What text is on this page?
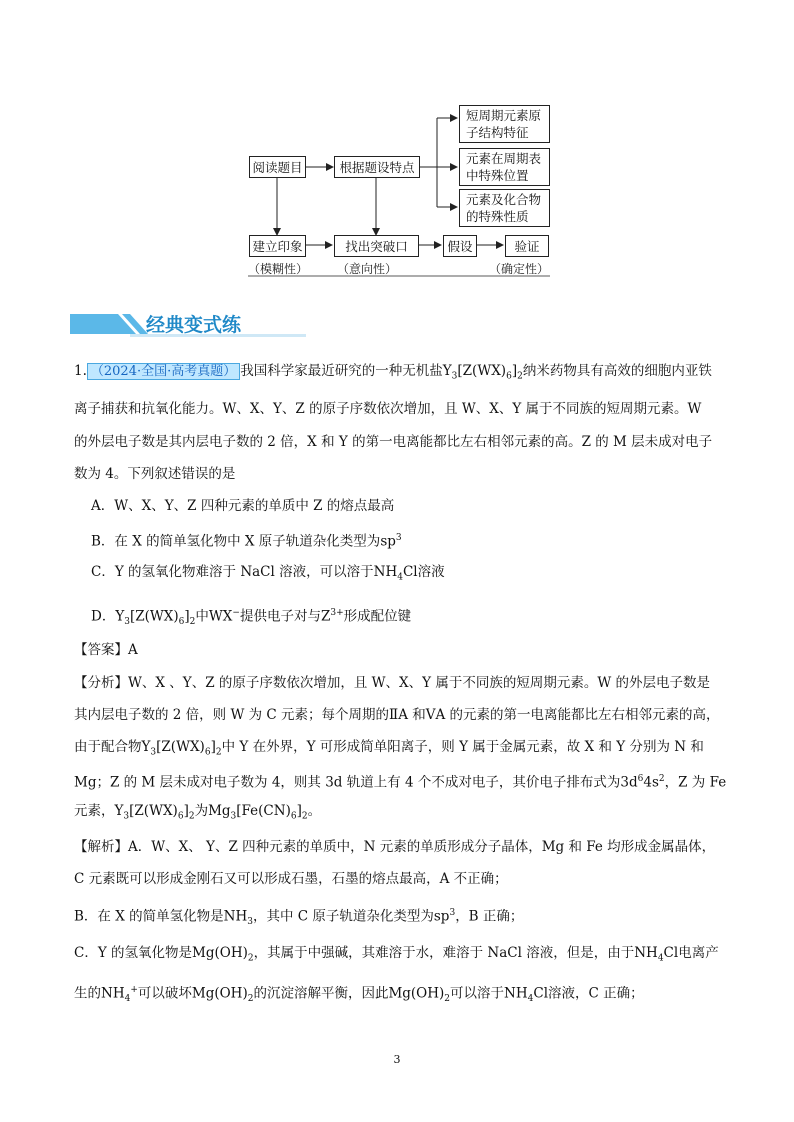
阅读题目	根据题设特点
短周期元素原
子结构特征
元素在周期表
中特殊位置
元素及化合物
的特殊性质
建立印象	找出突破口	假设	验证
（模糊性） （意向性）	（确定性）
经典变式练
1. （2024·全国·高考真题） 我国科学家最近研究的一种无机盐$Y_3[Z(WX)_6]_2$纳米药物具有高效的细胞内亚铁
离子捕获和抗氧化能力。W、X、Y、Z 的原子序数依次增加，且 W、X、Y 属于不同族的短周期元素。W
的外层电子数是其内层电子数的 2 倍，X 和 Y 的第一电离能都比左右相邻元素的高。Z 的 M 层未成对电子
数为 4。下列叙述错误的是
A．W、X、Y、Z 四种元素的单质中 Z 的熔点最高
B．在 X 的简单氢化物中 X 原子轨道杂化类型为$sp^3$
C．Y 的氢氧化物难溶于 NaCl 溶液，可以溶于$NH_4Cl$溶液
D．$Y_3[Z(WX)_6]_2$中WX−提供电子对与$Z^{3+}$形成配位键
【答案】A
【分析】W、X 、Y、Z 的原子序数依次增加，且 W、X、Y 属于不同族的短周期元素。W 的外层电子数是
其内层电子数的 2 倍，则 W 为 C 元素；每个周期的ⅡA 和ⅤA 的元素的第一电离能都比左右相邻元素的高，
由于配合物$Y_3[Z(WX)_6]_2$中 Y 在外界，Y 可形成简单阳离子，则 Y 属于金属元素，故 X 和 Y 分别为 N 和
Mg；Z 的 M 层未成对电子数为 4，则其 3d 轨道上有 4 个不成对电子，其价电子排布式为$3d^64s^2$，Z 为 Fe
元素，$Y_3[Z(WX)_6]_2$为$Mg_3[Fe(CN)_6]_2$。
【解析】A．W、X、 Y、Z 四种元素的单质中，N 元素的单质形成分子晶体，Mg 和 Fe 均形成金属晶体，
C 元素既可以形成金刚石又可以形成石墨，石墨的熔点最高，A 不正确；
B．在 X 的简单氢化物是$NH_3$，其中 C 原子轨道杂化类型为$sp^3$，B 正确；
C．Y 的氢氧化物是$Mg(OH)_2$，其属于中强碱，其难溶于水，难溶于 NaCl 溶液，但是，由于$NH_4Cl$电离产
生的$NH_4^+$可以破坏$Mg(OH)_2$的沉淀溶解平衡，因此$Mg(OH)_2$可以溶于$NH_4Cl$溶液，C 正确；
3
